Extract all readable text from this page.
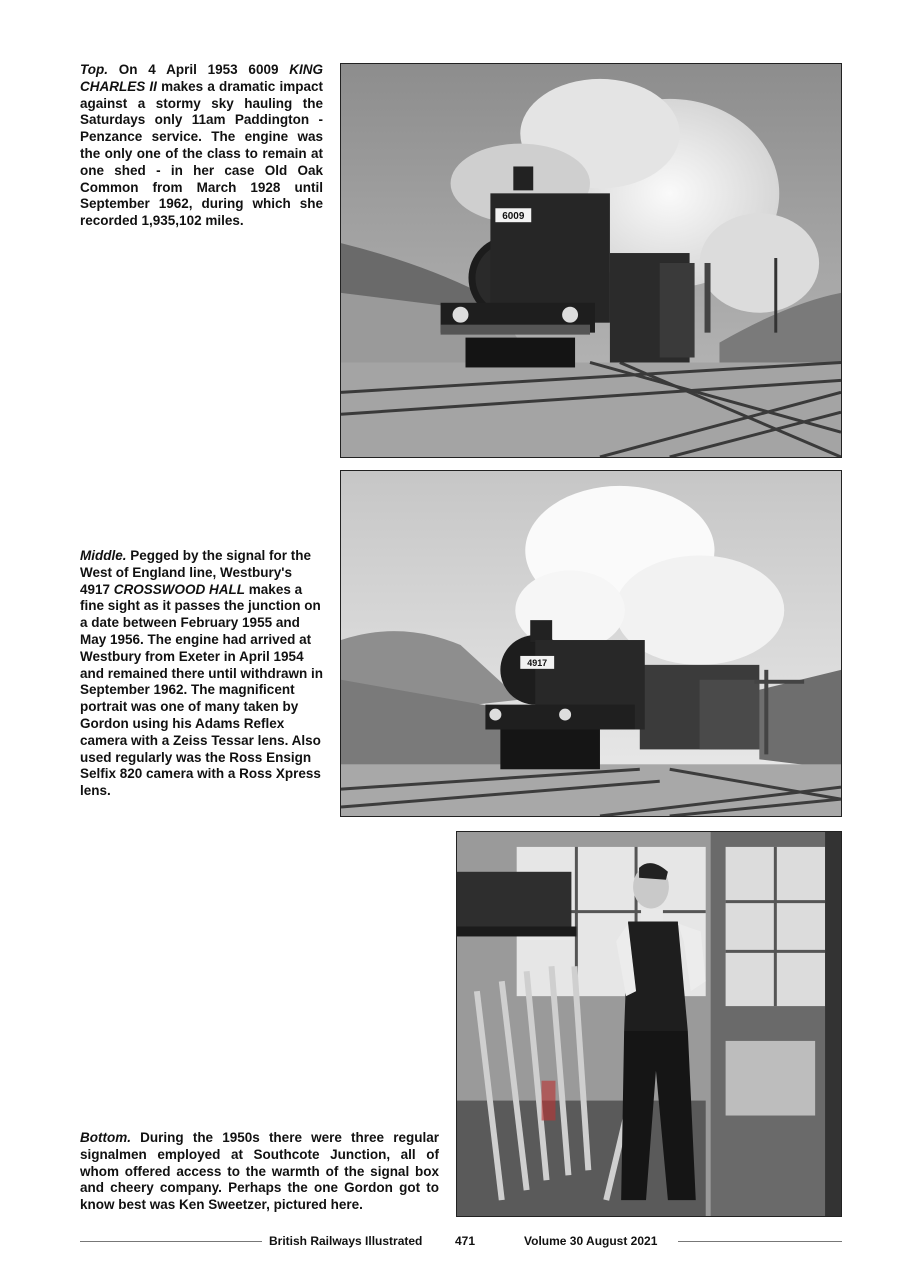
Top. On 4 April 1953 6009 KING CHARLES II makes a dramatic impact against a stormy sky hauling the Saturdays only 11am Paddington - Penzance service. The engine was the only one of the class to remain at one shed - in her case Old Oak Common from March 1928 until September 1962, during which she recorded 1,935,102 miles.	6009
4917
Middle. Pegged by the signal for the West of England line, Westbury's 4917 CROSSWOOD HALL makes a fine sight as it passes the junction on a date between February 1955 and May 1956. The engine had arrived at Westbury from Exeter in April 1954 and remained there until withdrawn in September 1962. The magnificent portrait was one of many taken by Gordon using his Adams Reflex camera with a Zeiss Tessar lens. Also used regularly was the Ross Ensign Selfix 820 camera with a Ross Xpress lens.
Bottom. During the 1950s there were three regular signalmen employed at Southcote Junction, all of whom offered access to the warmth of the signal box and cheery company. Perhaps the one Gordon got to know best was Ken Sweetzer, pictured here.
British Railways Illustrated	471	Volume 30 August 2021
